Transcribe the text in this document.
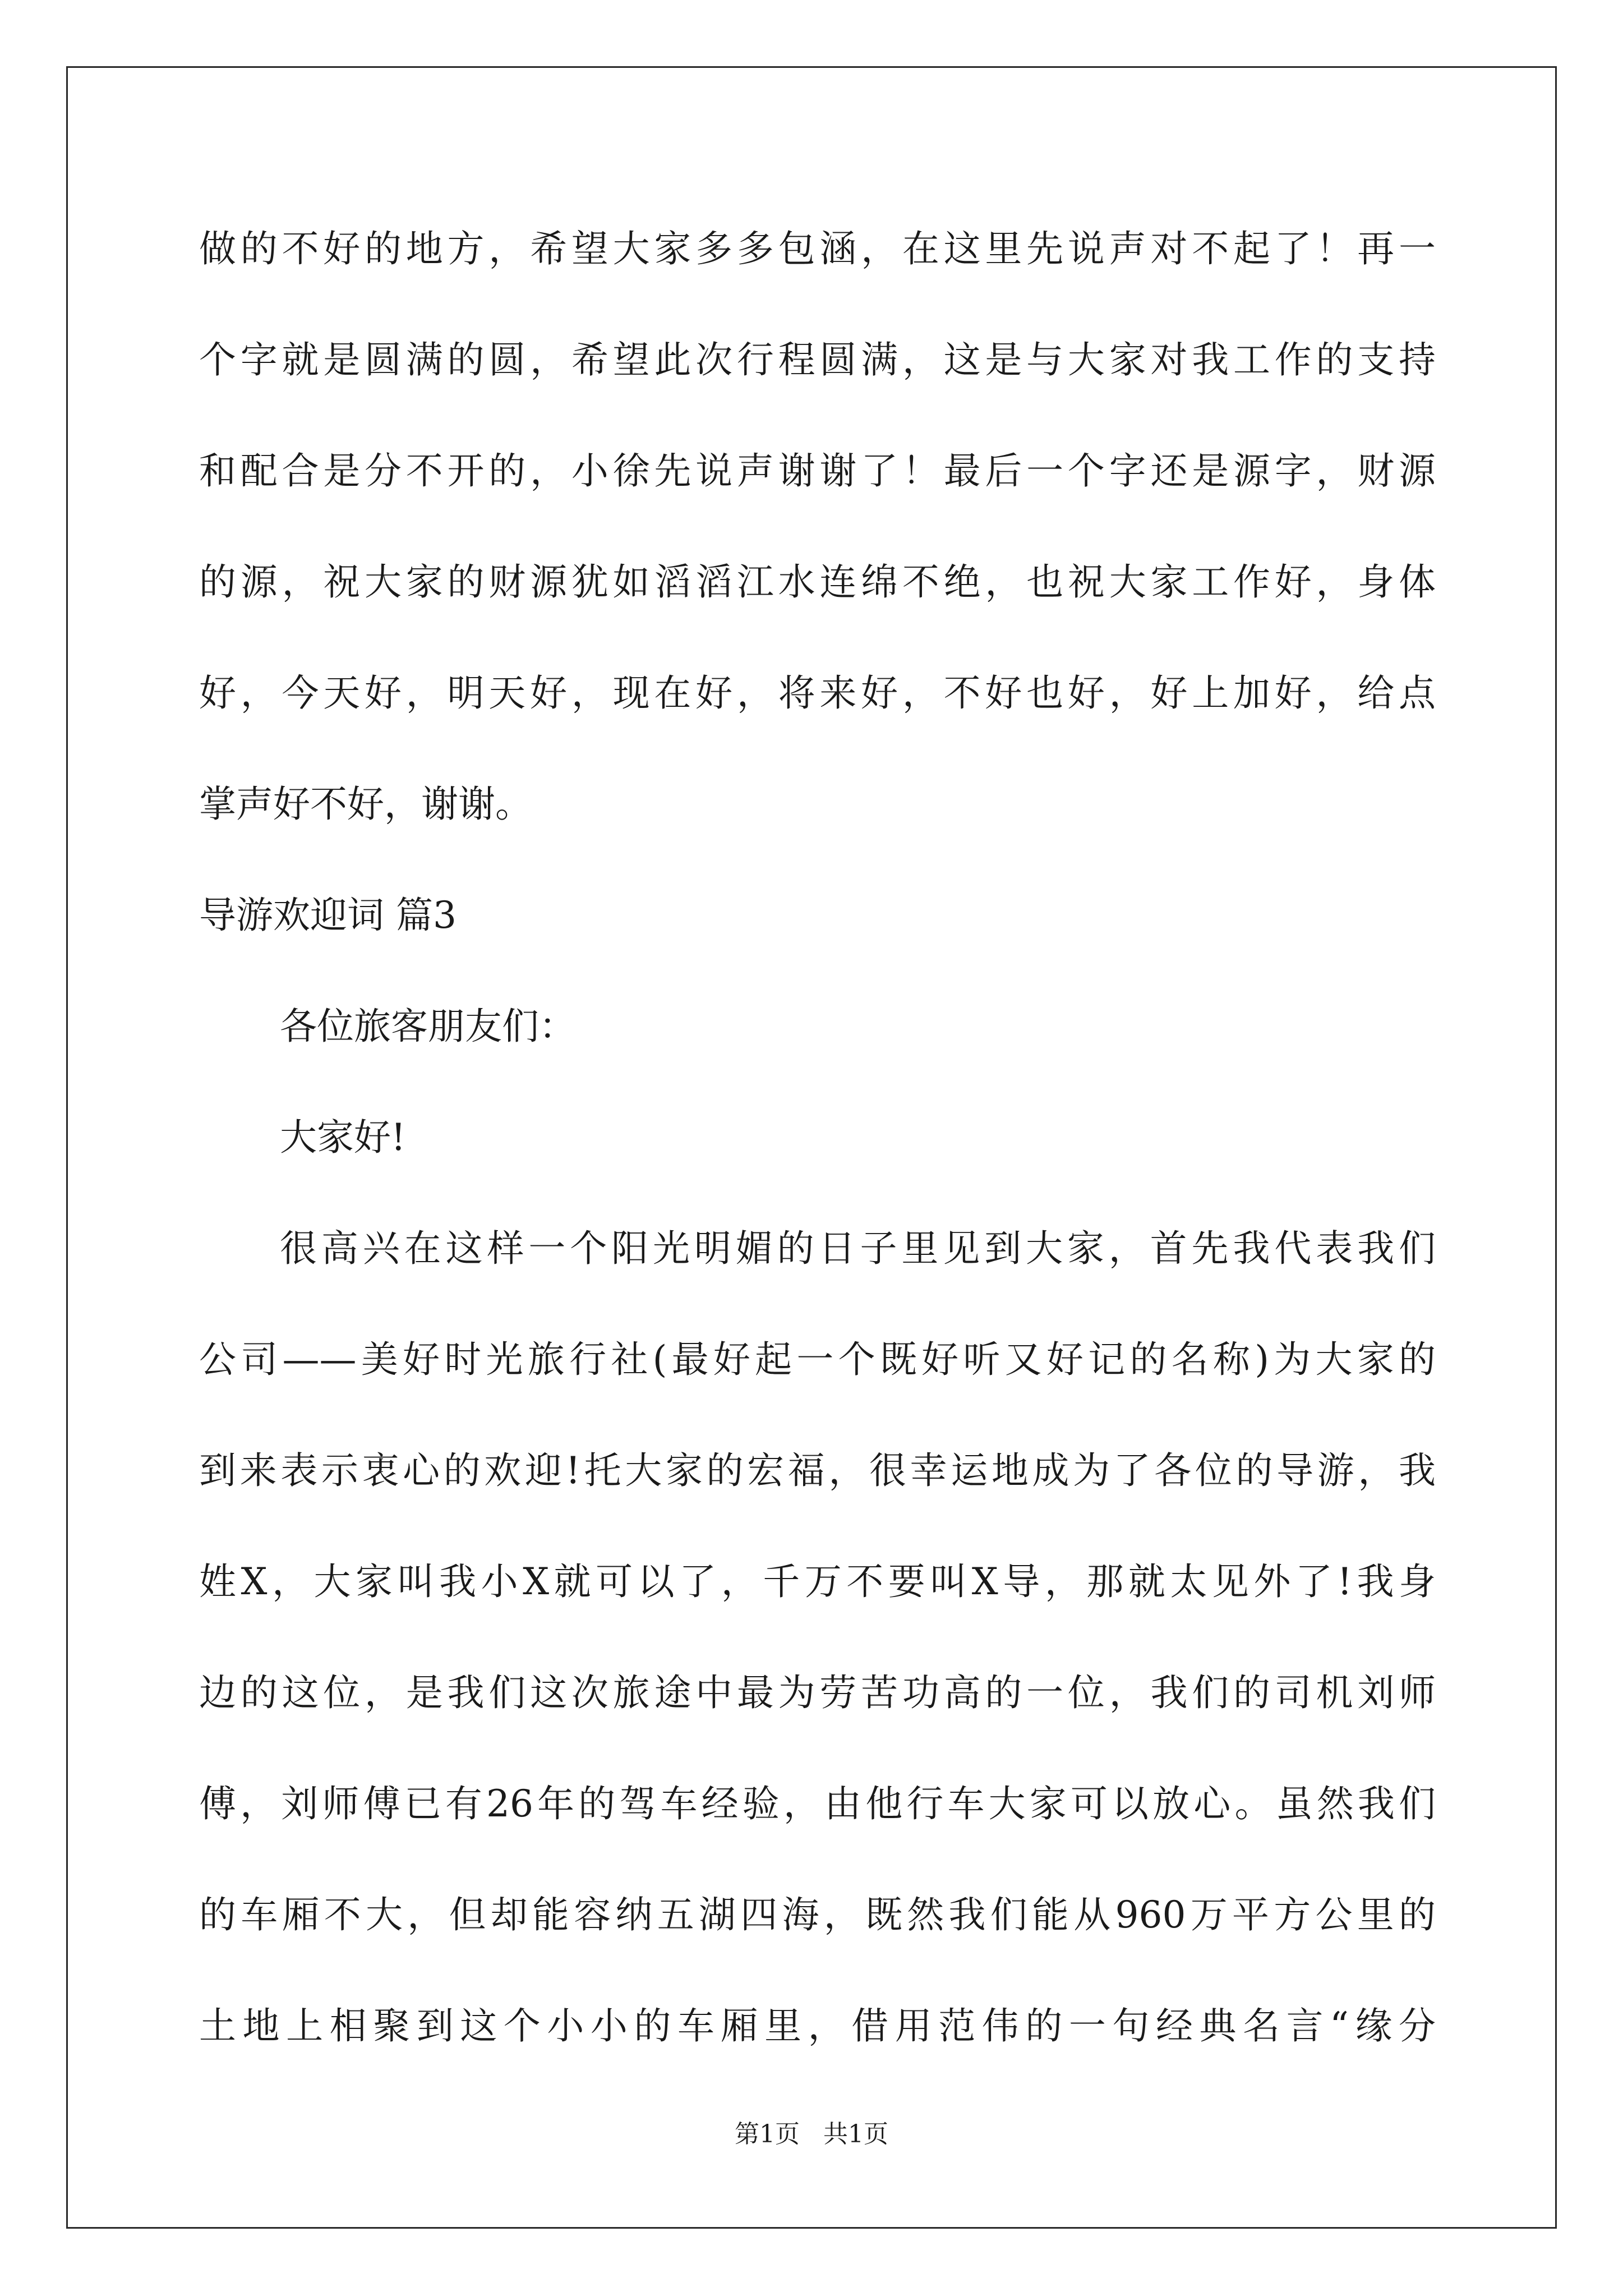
做的不好的地方，希望大家多多包涵，在这里先说声对不起了！再一
个字就是圆满的圆，希望此次行程圆满，这是与大家对我工作的支持
和配合是分不开的，小徐先说声谢谢了！最后一个字还是源字，财源
的源，祝大家的财源犹如滔滔江水连绵不绝，也祝大家工作好，身体
好，今天好，明天好，现在好，将来好，不好也好，好上加好，给点
掌声好不好，谢谢。
导游欢迎词 篇3
各位旅客朋友们：
大家好!
很高兴在这样一个阳光明媚的日子里见到大家，首先我代表我们
公司——美好时光旅行社(最好起一个既好听又好记的名称)为大家的
到来表示衷心的欢迎!托大家的宏福，很幸运地成为了各位的导游，我
姓X，大家叫我小X就可以了，千万不要叫X导，那就太见外了!我身
边的这位，是我们这次旅途中最为劳苦功高的一位，我们的司机刘师
傅，刘师傅已有26年的驾车经验，由他行车大家可以放心。虽然我们
的车厢不大，但却能容纳五湖四海，既然我们能从960万平方公里的
土地上相聚到这个小小的车厢里，借用范伟的一句经典名言“缘分
第1页 共1页
